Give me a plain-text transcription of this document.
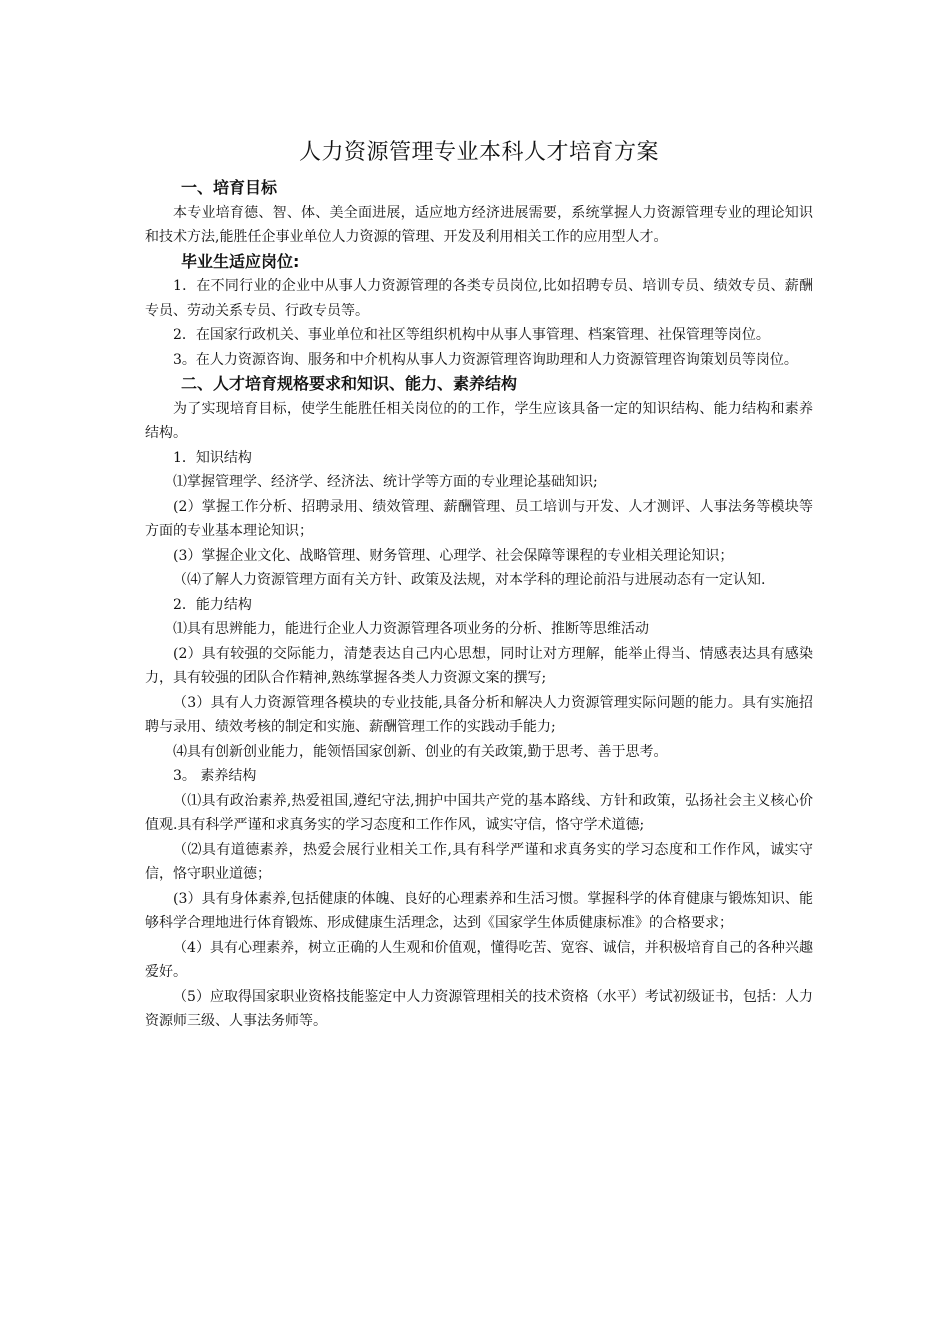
人力资源管理专业本科人才培育方案

一、培育目标

本专业培育德、智、体、美全面进展，适应地方经济进展需要，系统掌握人力资源管理专业的理论知识和技术方法,能胜任企事业单位人力资源的管理、开发及利用相关工作的应用型人才。

毕业生适应岗位:

1．在不同行业的企业中从事人力资源管理的各类专员岗位,比如招聘专员、培训专员、绩效专员、薪酬专员、劳动关系专员、行政专员等。

2．在国家行政机关、事业单位和社区等组织机构中从事人事管理、档案管理、社保管理等岗位。

3。在人力资源咨询、服务和中介机构从事人力资源管理咨询助理和人力资源管理咨询策划员等岗位。

二、人才培育规格要求和知识、能力、素养结构

为了实现培育目标，使学生能胜任相关岗位的的工作，学生应该具备一定的知识结构、能力结构和素养结构。

1．知识结构

⑴掌握管理学、经济学、经济法、统计学等方面的专业理论基础知识;

(2）掌握工作分析、招聘录用、绩效管理、薪酬管理、员工培训与开发、人才测评、人事法务等模块等方面的专业基本理论知识；

(3）掌握企业文化、战略管理、财务管理、心理学、社会保障等课程的专业相关理论知识；

（⑷了解人力资源管理方面有关方针、政策及法规，对本学科的理论前沿与进展动态有一定认知.

2．能力结构

⑴具有思辨能力，能进行企业人力资源管理各项业务的分析、推断等思维活动

(2）具有较强的交际能力，清楚表达自己内心思想，同时让对方理解，能举止得当、情感表达具有感染力，具有较强的团队合作精神,熟练掌握各类人力资源文案的撰写;

（3）具有人力资源管理各模块的专业技能,具备分析和解决人力资源管理实际问题的能力。具有实施招聘与录用、绩效考核的制定和实施、薪酬管理工作的实践动手能力;

⑷具有创新创业能力，能领悟国家创新、创业的有关政策,勤于思考、善于思考。

3。 素养结构

（⑴具有政治素养,热爱祖国,遵纪守法,拥护中国共产党的基本路线、方针和政策，弘扬社会主义核心价值观.具有科学严谨和求真务实的学习态度和工作作风，诚实守信，恪守学术道德;

（⑵具有道德素养，热爱会展行业相关工作,具有科学严谨和求真务实的学习态度和工作作风，诚实守信，恪守职业道德；

(3）具有身体素养,包括健康的体魄、良好的心理素养和生活习惯。掌握科学的体育健康与锻炼知识、能够科学合理地进行体育锻炼、形成健康生活理念，达到《国家学生体质健康标准》的合格要求；

（4）具有心理素养，树立正确的人生观和价值观，懂得吃苦、宽容、诚信，并积极培育自己的各种兴趣爱好。

（5）应取得国家职业资格技能鉴定中人力资源管理相关的技术资格（水平）考试初级证书，包括：人力资源师三级、人事法务师等。
